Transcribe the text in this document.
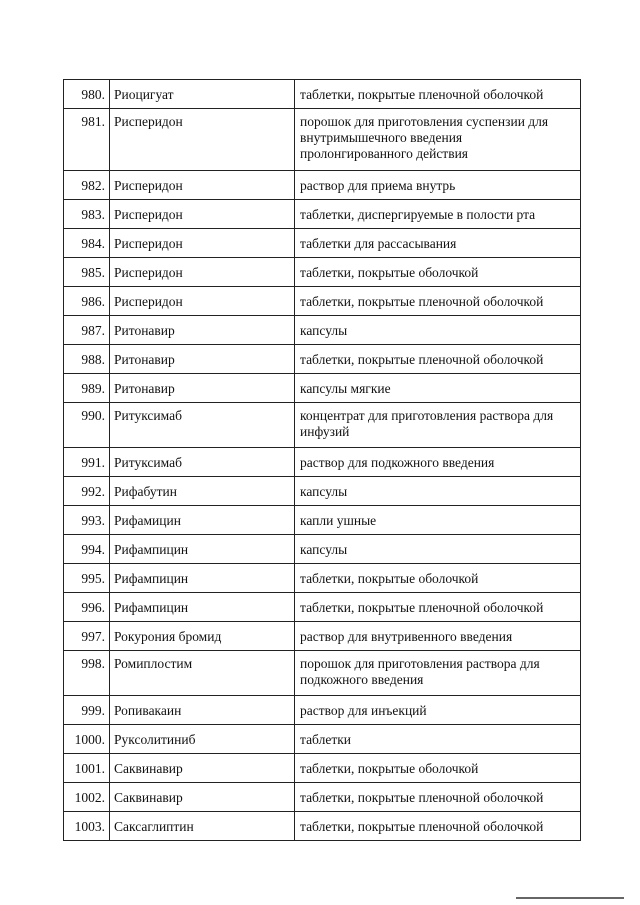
980.	Риоцигуат	таблетки, покрытые пленочной оболочкой

981.	Рисперидон	порошок для приготовления суспензии для внутримышечного введения пролонгированного действия

982.	Рисперидон	раствор для приема внутрь

983.	Рисперидон	таблетки, диспергируемые в полости рта

984.	Рисперидон	таблетки для рассасывания

985.	Рисперидон	таблетки, покрытые оболочкой

986.	Рисперидон	таблетки, покрытые пленочной оболочкой

987.	Ритонавир	капсулы

988.	Ритонавир	таблетки, покрытые пленочной оболочкой

989.	Ритонавир	капсулы мягкие

990.	Ритуксимаб	концентрат для приготовления раствора для инфузий

991.	Ритуксимаб	раствор для подкожного введения

992.	Рифабутин	капсулы

993.	Рифамицин	капли ушные

994.	Рифампицин	капсулы

995.	Рифампицин	таблетки, покрытые оболочкой

996.	Рифампицин	таблетки, покрытые пленочной оболочкой

997.	Рокурония бромид	раствор для внутривенного введения

998.	Ромиплостим	порошок для приготовления раствора для подкожного введения

999.	Ропивакаин	раствор для инъекций

1000.	Руксолитиниб	таблетки

1001.	Саквинавир	таблетки, покрытые оболочкой

1002.	Саквинавир	таблетки, покрытые пленочной оболочкой

1003.	Саксаглиптин	таблетки, покрытые пленочной оболочкой
